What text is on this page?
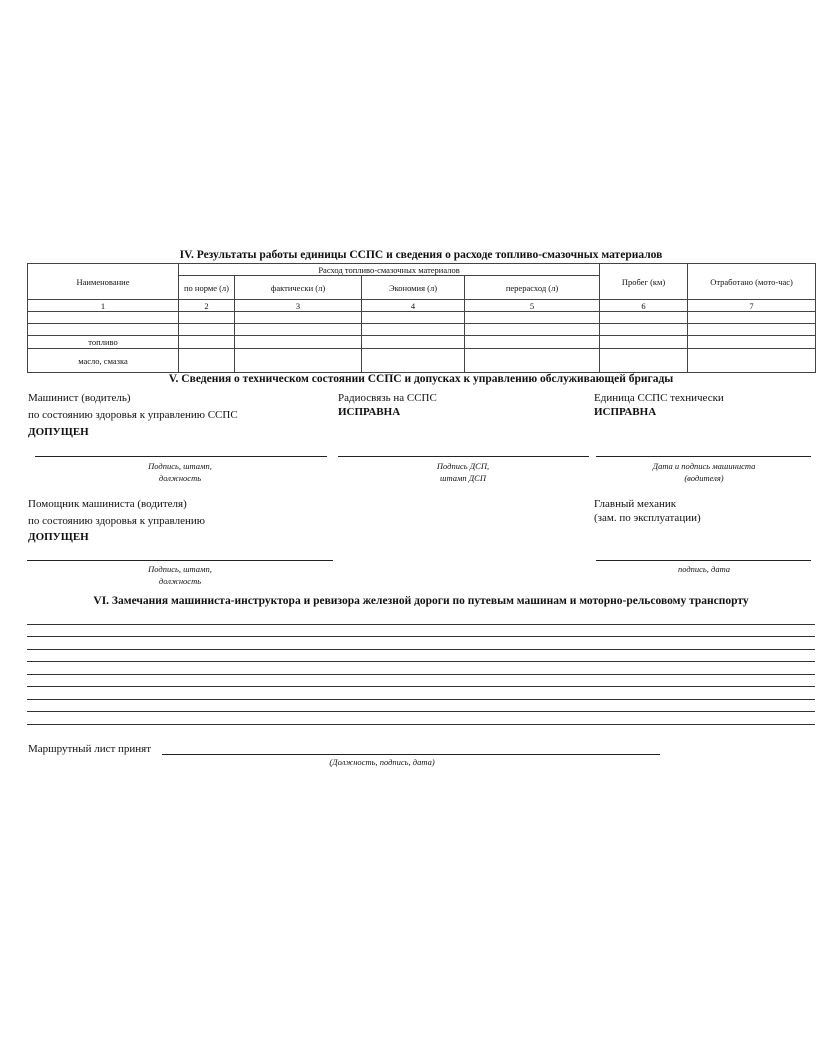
IV. Результаты работы единицы ССПС и сведения о расходе топливо-смазочных материалов
Наименование	Расход топливо-смазочных материалов				Пробег (км)	Отработано (мото-час)
	по норме (л)	фактически (л)	Экономия (л)	перерасход (л)		
1	2	3	4	5	6	7

топливо						
масло, смазка						
V. Сведения о техническом состоянии ССПС и допусках к управлению обслуживающей бригады
Машинист (водитель)
по состоянию здоровья к управлению ССПС
ДОПУЩЕН
Радиосвязь на ССПС
ИСПРАВНА
Единица ССПС технически
ИСПРАВНА
Подпись, штамп,
должность
Подпись ДСП,
штамп ДСП
Дата и подпись машиниста
(водителя)
Помощник машиниста (водителя)
по состоянию здоровья к управлению
ДОПУЩЕН
Главный механик
(зам. по эксплуатации)
Подпись, штамп,
должность
подпись, дата
VI. Замечания машиниста-инструктора и ревизора железной дороги по путевым машинам и моторно-рельсовому транспорту
Маршрутный лист принят
(Должность, подпись, дата)
